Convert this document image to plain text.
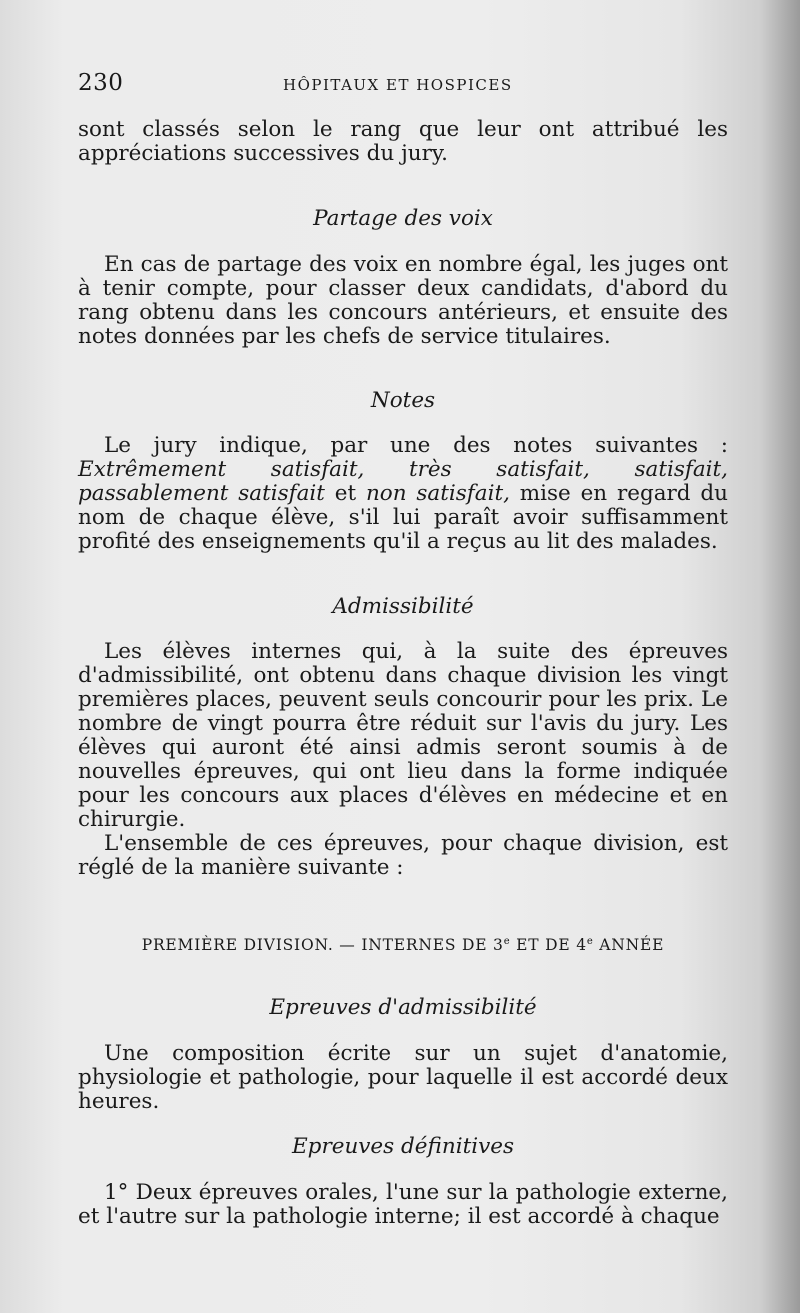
230	HÔPITAUX ET HOSPICES

sont classés selon le rang que leur ont attribué les appréciations successives du jury.

Partage des voix

En cas de partage des voix en nombre égal, les juges ont à tenir compte, pour classer deux candidats, d'abord du rang obtenu dans les concours antérieurs, et ensuite des notes données par les chefs de service titulaires.

Notes

Le jury indique, par une des notes suivantes : Extrêmement satisfait, très satisfait, satisfait, passablement satisfait et non satisfait, mise en regard du nom de chaque élève, s'il lui paraît avoir suffisamment profité des enseignements qu'il a reçus au lit des malades.

Admissibilité

Les élèves internes qui, à la suite des épreuves d'admissibilité, ont obtenu dans chaque division les vingt premières places, peuvent seuls concourir pour les prix. Le nombre de vingt pourra être réduit sur l'avis du jury. Les élèves qui auront été ainsi admis seront soumis à de nouvelles épreuves, qui ont lieu dans la forme indiquée pour les concours aux places d'élèves en médecine et en chirurgie.

L'ensemble de ces épreuves, pour chaque division, est réglé de la manière suivante :

PREMIÈRE DIVISION. — INTERNES DE 3e ET DE 4e ANNÉE
Epreuves d'admissibilité

Une composition écrite sur un sujet d'anatomie, physiologie et pathologie, pour laquelle il est accordé deux heures.

Epreuves définitives

1° Deux épreuves orales, l'une sur la pathologie externe, et l'autre sur la pathologie interne; il est accordé à chaque
